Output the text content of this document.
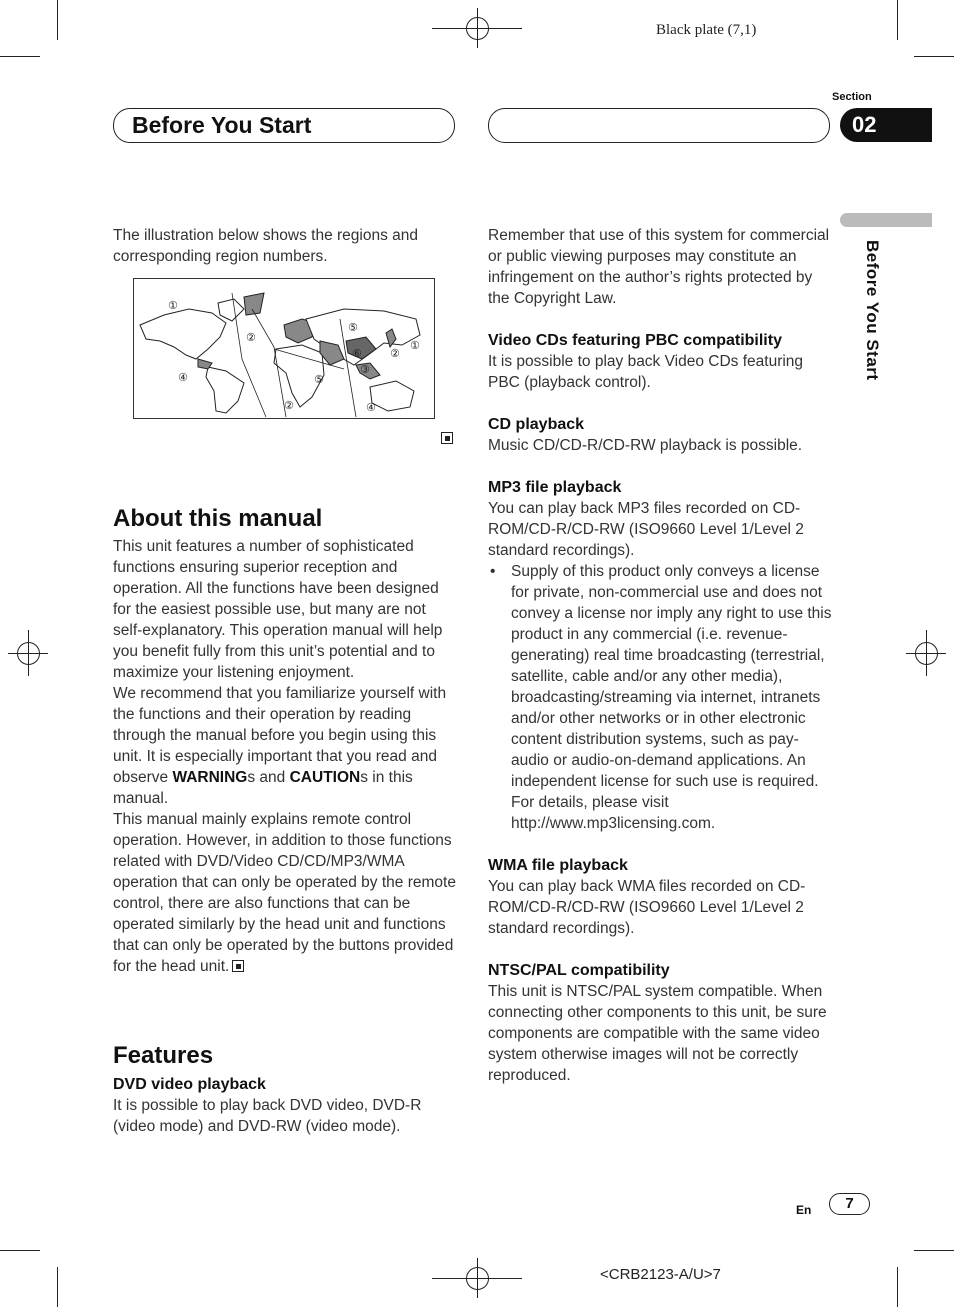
Black plate (7,1)
Before You Start
Section
02
Before You Start

The illustration below shows the regions and corresponding region numbers.

①
②
④
⑤
⑥	②
①
③
⑤
②	④
About this manual

This unit features a number of sophisticated functions ensuring superior reception and operation. All the functions have been designed for the easiest possible use, but many are not self-explanatory. This operation manual will help you benefit fully from this unit’s potential and to maximize your listening enjoyment.

We recommend that you familiarize yourself with the functions and their operation by reading through the manual before you begin using this unit. It is especially important that you read and observe WARNINGs and CAUTIONs in this manual.

This manual mainly explains remote control operation. However, in addition to those functions related with DVD/Video CD/CD/MP3/WMA operation that can only be operated by the remote control, there are also functions that can be operated similarly by the head unit and functions that can only be operated by the buttons provided for the head unit.

Features
DVD video playback

It is possible to play back DVD video, DVD-R (video mode) and DVD-RW (video mode).

Remember that use of this system for commercial or public viewing purposes may constitute an infringement on the author’s rights protected by the Copyright Law.

Video CDs featuring PBC compatibility

It is possible to play back Video CDs featuring PBC (playback control).

CD playback

Music CD/CD-R/CD-RW playback is possible.

MP3 file playback

You can play back MP3 files recorded on CD-ROM/CD-R/CD-RW (ISO9660 Level 1/Level 2 standard recordings).

• Supply of this product only conveys a license for private, non-commercial use and does not convey a license nor imply any right to use this product in any commercial (i.e. revenue-generating) real time broadcasting (terrestrial, satellite, cable and/or any other media), broadcasting/streaming via internet, intranets and/or other networks or in other electronic content distribution systems, such as pay-audio or audio-on-demand applications. An independent license for such use is required. For details, please visit http://www.mp3licensing.com.

WMA file playback

You can play back WMA files recorded on CD-ROM/CD-R/CD-RW (ISO9660 Level 1/Level 2 standard recordings).

NTSC/PAL compatibility

This unit is NTSC/PAL system compatible. When connecting other components to this unit, be sure components are compatible with the same video system otherwise images will not be correctly reproduced.

En	7
<CRB2123-A/U>7
